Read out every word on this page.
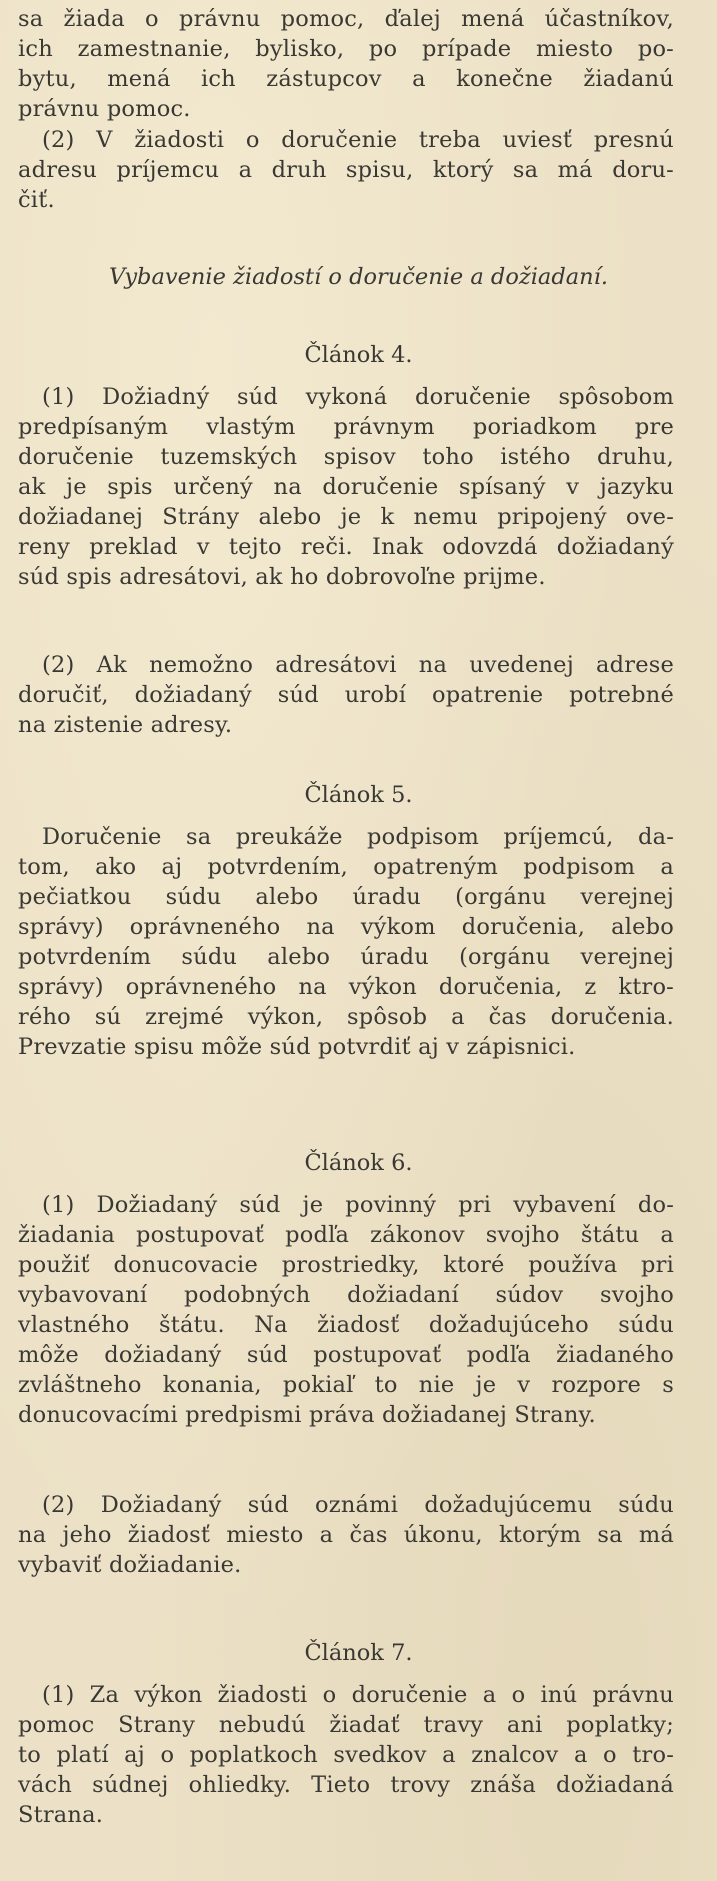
sa žiada o právnu pomoc, ďalej mená účastníkov,
ich zamestnanie, bylisko, po prípade miesto po-
bytu, mená ich zástupcov a konečne žiadanú
právnu pomoc.
(2) V žiadosti o doručenie treba uviesť presnú
adresu príjemcu a druh spisu, ktorý sa má doru-
čiť.
Vybavenie žiadostí o doručenie a dožiadaní.
Článok 4.
(1) Dožiadný súd vykoná doručenie spôsobom
predpísaným vlastým právnym poriadkom pre
doručenie tuzemských spisov toho istého druhu,
ak je spis určený na doručenie spísaný v jazyku
dožiadanej Strány alebo je k nemu pripojený ove-
reny preklad v tejto reči. Inak odovzdá dožiadaný
súd spis adresátovi, ak ho dobrovoľne prijme.
(2) Ak nemožno adresátovi na uvedenej adrese
doručiť, dožiadaný súd urobí opatrenie potrebné
na zistenie adresy.
Článok 5.
Doručenie sa preukáže podpisom príjemcú, da-
tom, ako aj potvrdením, opatreným podpisom a
pečiatkou súdu alebo úradu (orgánu verejnej
správy) oprávneného na výkom doručenia, alebo
potvrdením súdu alebo úradu (orgánu verejnej
správy) oprávneného na výkon doručenia, z ktro-
rého sú zrejmé výkon, spôsob a čas doručenia.
Prevzatie spisu môže súd potvrdiť aj v zápisnici.
Článok 6.
(1) Dožiadaný súd je povinný pri vybavení do-
žiadania postupovať podľa zákonov svojho štátu a
použiť donucovacie prostriedky, ktoré používa pri
vybavovaní podobných dožiadaní súdov svojho
vlastného štátu. Na žiadosť dožadujúceho súdu
môže dožiadaný súd postupovať podľa žiadaného
zvláštneho konania, pokiaľ to nie je v rozpore s
donucovacími predpismi práva dožiadanej Strany.
(2) Dožiadaný súd oznámi dožadujúcemu súdu
na jeho žiadosť miesto a čas úkonu, ktorým sa má
vybaviť dožiadanie.
Článok 7.
(1) Za výkon žiadosti o doručenie a o inú právnu
pomoc Strany nebudú žiadať travy ani poplatky;
to platí aj o poplatkoch svedkov a znalcov a o tro-
vách súdnej ohliedky. Tieto trovy znáša dožiadaná
Strana.
